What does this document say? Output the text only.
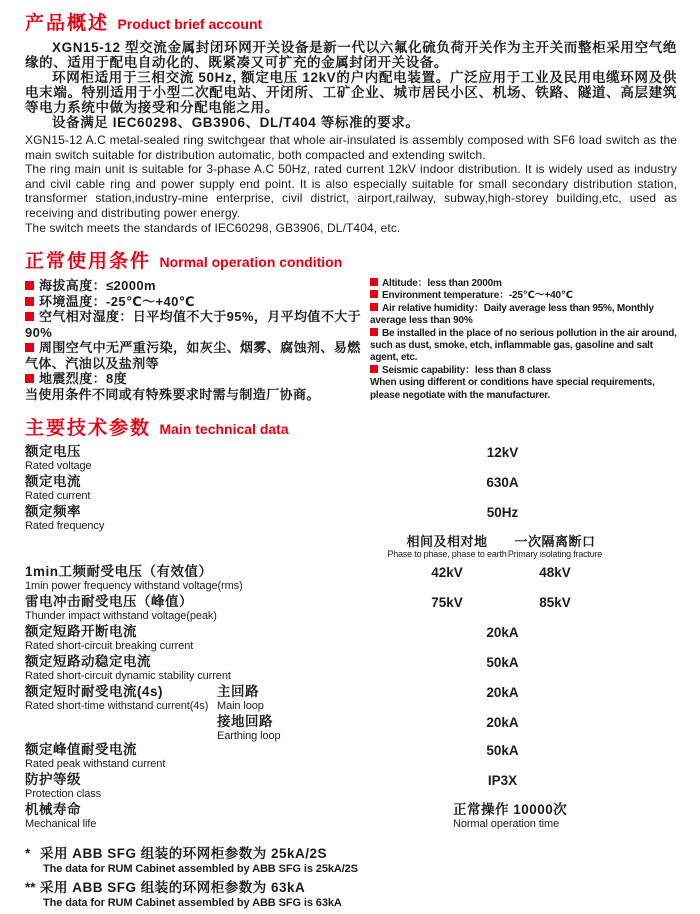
产品概述 Product brief account

XGN15-12 型交流金属封闭环网开关设备是新一代以六氟化硫负荷开关作为主开关而整柜采用空气绝缘的、适用于配电自动化的、既紧凑又可扩充的金属封闭开关设备。

环网柜适用于三相交流 50Hz, 额定电压 12kV的户内配电装置。广泛应用于工业及民用电缆环网及供电末端。特别适用于小型二次配电站、开闭所、工矿企业、城市居民小区、机场、铁路、隧道、高层建筑等电力系统中做为接受和分配电能之用。

设备满足 IEC60298、GB3906、DL/T404 等标准的要求。

XGN15-12 A.C metal-sealed ring switchgear that whole air-insulated is assembly composed with SF6 load switch as the main switch suitable for distribution automatic, both compacted and extending switch.

The ring main unit is suitable for 3-phase A.C 50Hz, rated current 12kV indoor distribution. It is widely used as industry and civil cable ring and power supply end point. It is also especially suitable for small secondary distribution station, transformer station,industry-mine enterprise, civil district, airport,railway, subway,high-storey building,etc, used as receiving and distributing power energy.

The switch meets the standards of IEC60298, GB3906, DL/T404, etc.

正常使用条件 Normal operation condition
海拔高度：≤2000m
环境温度：-25℃～+40℃
空气相对湿度：日平均值不大于95%，月平均值不大于90%
周围空气中无严重污染，如灰尘、烟雾、腐蚀剂、易燃气体、汽油以及盐剂等
地震烈度：8度
当使用条件不同或有特殊要求时需与制造厂协商。
Altitude：less than 2000m
Environment temperature：-25℃～+40℃
Air relative humidity：Daily average less than 95%, Monthly average less than 90%
Be installed in the place of no serious pollution in the air around, such as dust, smoke, etch, inflammable gas, gasoline and salt agent, etc.
Seismic capability：less than 8 class
When using different or conditions have special requirements, please negotiate with the manufacturer.
主要技术参数 Main technical data
额定电压
Rated voltage
12kV
额定电流
Rated current
630A
额定频率
Rated frequency
50Hz
相间及相对地
Phase to phase, phase to earth
一次隔离断口
Primary isolating fracture
1min工频耐受电压（有效值）
1min power frequency withstand voltage(rms)
42kV	48kV
雷电冲击耐受电压（峰值）
Thunder impact withstand voltage(peak)
75kV	85kV
额定短路开断电流
Rated short-circuit breaking current
20kA
额定短路动稳定电流
Rated short-circuit dynamic stability current
50kA
额定短时耐受电流(4s)
Rated short-time withstand current(4s)
主回路
Main loop
20kA
接地回路
Earthing loop
20kA
额定峰值耐受电流
Rated peak withstand current
50kA
防护等级
Protection class
IP3X
机械寿命
Mechanical life
正常操作 10000次
Normal operation time
* 采用 ABB SFG 组装的环网柜参数为 25kA/2S
The data for RUM Cabinet assembled by ABB SFG is 25kA/2S
** 采用 ABB SFG 组装的环网柜参数为 63kA
The data for RUM Cabinet assembled by ABB SFG is 63kA
